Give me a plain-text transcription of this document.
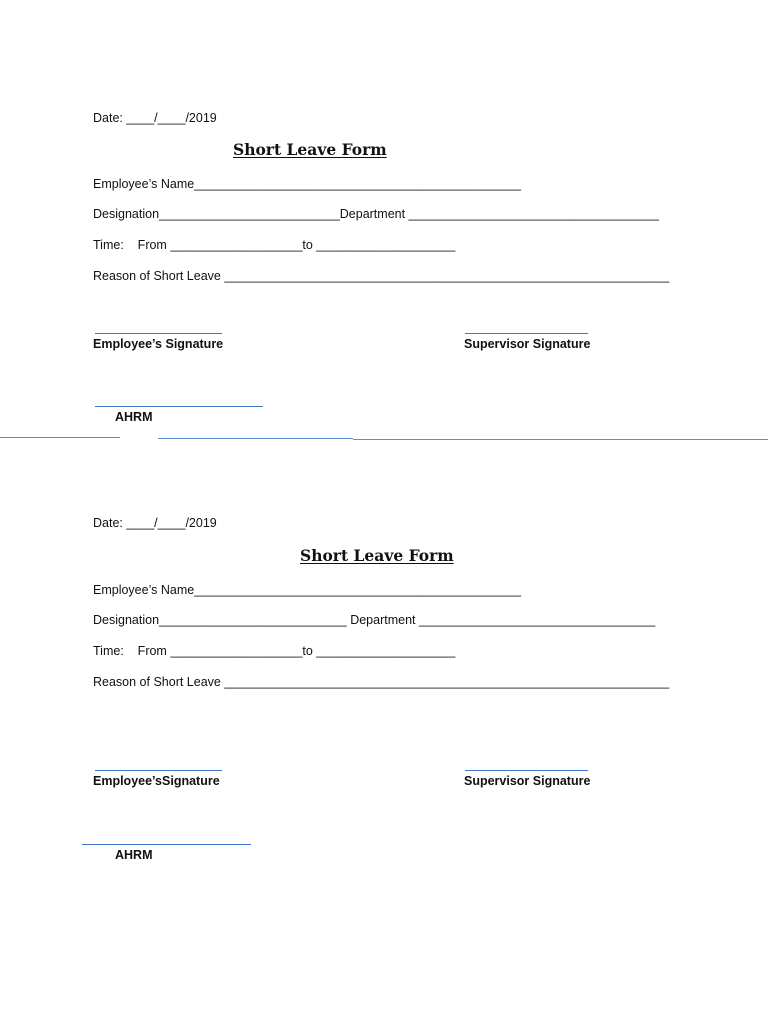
Date: ____/____/2019
Short Leave Form
Employee’s Name_______________________________________________
Designation__________________________Department ____________________________________
Time:    From ___________________to ____________________
Reason of Short Leave ________________________________________________________________
Employee’s Signature	Supervisor Signature
AHRM
Date: ____/____/2019
Short Leave Form
Employee’s Name_______________________________________________
Designation___________________________ Department __________________________________
Time:    From ___________________to ____________________
Reason of Short Leave ________________________________________________________________
Employee’sSignature	Supervisor Signature
AHRM
